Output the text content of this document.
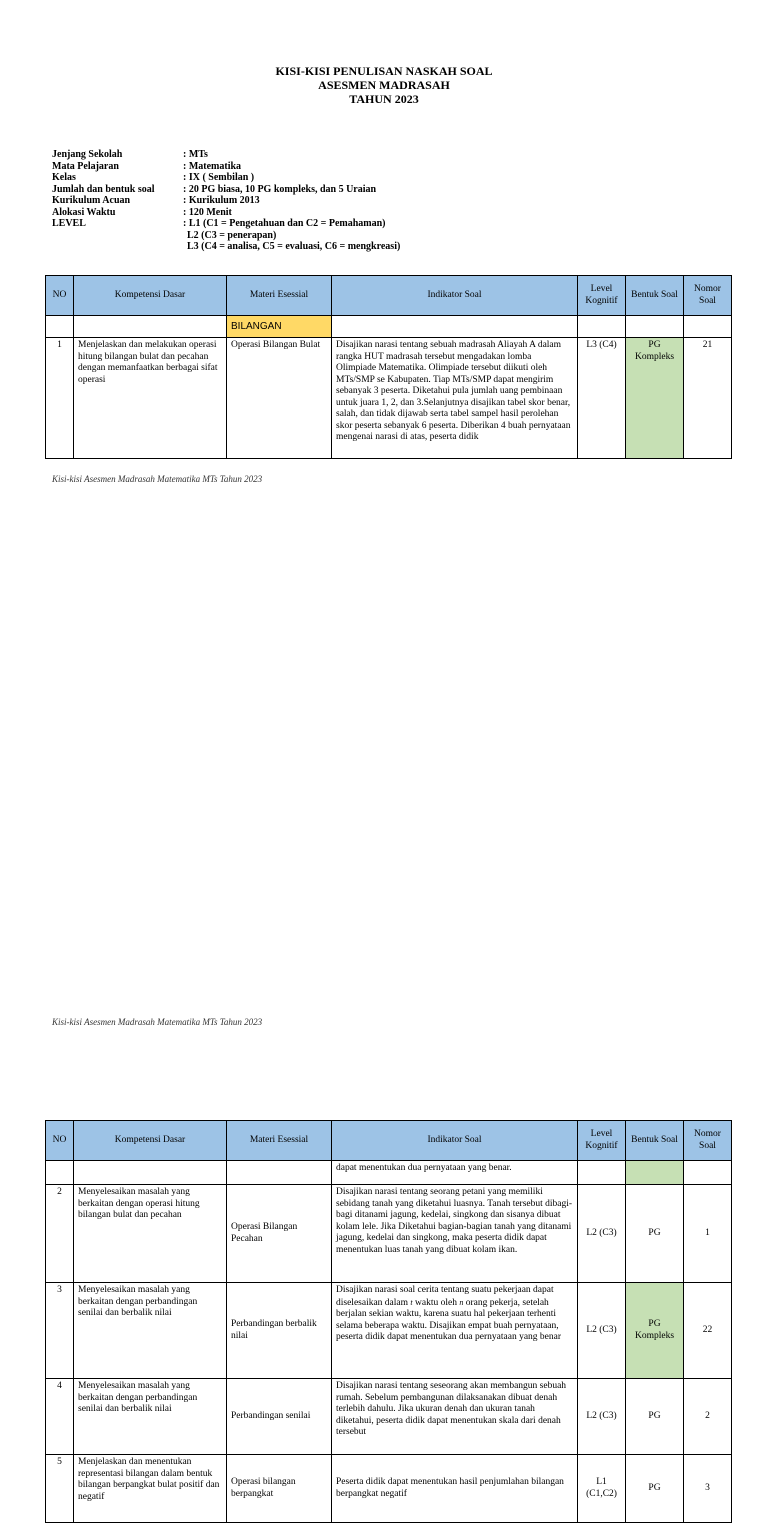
KISI-KISI PENULISAN NASKAH SOAL
ASESMEN MADRASAH
TAHUN 2023
Jenjang Sekolah	: MTs
Mata Pelajaran	: Matematika
Kelas	: IX ( Sembilan )
Jumlah dan bentuk soal	: 20 PG biasa, 10 PG kompleks, dan 5 Uraian
Kurikulum Acuan	: Kurikulum 2013
Alokasi Waktu	: 120 Menit
LEVEL	: L1 (C1 = Pengetahuan dan C2 = Pemahaman)
L2 (C3 = penerapan)
L3 (C4 = analisa, C5 = evaluasi, C6 = mengkreasi)
NO	Kompetensi Dasar	Materi Esessial	Indikator Soal	Level Kognitif	Bentuk Soal	Nomor Soal
		BILANGAN				
1	Menjelaskan dan melakukan operasi hitung bilangan bulat dan pecahan dengan memanfaatkan berbagai sifat operasi	Operasi Bilangan Bulat	Disajikan narasi tentang sebuah madrasah Aliayah A dalam rangka HUT madrasah tersebut mengadakan lomba Olimpiade Matematika. Olimpiade tersebut diikuti oleh MTs/SMP se Kabupaten. Tiap MTs/SMP dapat mengirim sebanyak 3 peserta. Diketahui pula jumlah uang pembinaan untuk juara 1, 2, dan 3.Selanjutnya disajikan tabel skor benar, salah, dan tidak dijawab serta tabel sampel hasil perolehan skor peserta sebanyak 6 peserta. Diberikan 4 buah pernyataan mengenai narasi di atas, peserta didik	L3 (C4)	PG Kompleks	21
Kisi-kisi Asesmen Madrasah Matematika MTs Tahun 2023
NO	Kompetensi Dasar	Materi Esessial	Indikator Soal	Level Kognitif	Bentuk Soal	Nomor Soal
			dapat menentukan dua pernyataan yang benar.			
2	Menyelesaikan masalah yang berkaitan dengan operasi hitung bilangan bulat dan pecahan	Operasi Bilangan Pecahan	Disajikan narasi tentang seorang petani yang memiliki sebidang tanah yang diketahui luasnya. Tanah tersebut dibagi-bagi ditanami jagung, kedelai, singkong dan sisanya dibuat kolam lele. Jika Diketahui bagian-bagian tanah yang ditanami jagung, kedelai dan singkong, maka peserta didik dapat menentukan luas tanah yang dibuat kolam ikan.	L2 (C3)	PG	1
3	Menyelesaikan masalah yang berkaitan dengan perbandingan senilai dan berbalik nilai	Perbandingan berbalik nilai	Disajikan narasi soal cerita tentang suatu pekerjaan dapat diselesaikan dalam t waktu oleh n orang pekerja, setelah berjalan sekian waktu, karena suatu hal pekerjaan terhenti selama beberapa waktu. Disajikan empat buah pernyataan, peserta didik dapat menentukan dua pernyataan yang benar	L2 (C3)	PG Kompleks	22
4	Menyelesaikan masalah yang berkaitan dengan perbandingan senilai dan berbalik nilai	Perbandingan senilai	Disajikan narasi tentang seseorang akan membangun sebuah rumah. Sebelum pembangunan dilaksanakan dibuat denah terlebih dahulu. Jika ukuran denah dan ukuran tanah diketahui, peserta didik dapat menentukan skala dari denah tersebut	L2 (C3)	PG	2
5	Menjelaskan dan menentukan representasi bilangan dalam bentuk bilangan berpangkat bulat positif dan negatif	Operasi bilangan berpangkat	Peserta didik dapat menentukan hasil penjumlahan bilangan berpangkat negatif	L1 (C1,C2)	PG	3
Kisi-kisi Asesmen Madrasah Matematika MTs Tahun 2023
